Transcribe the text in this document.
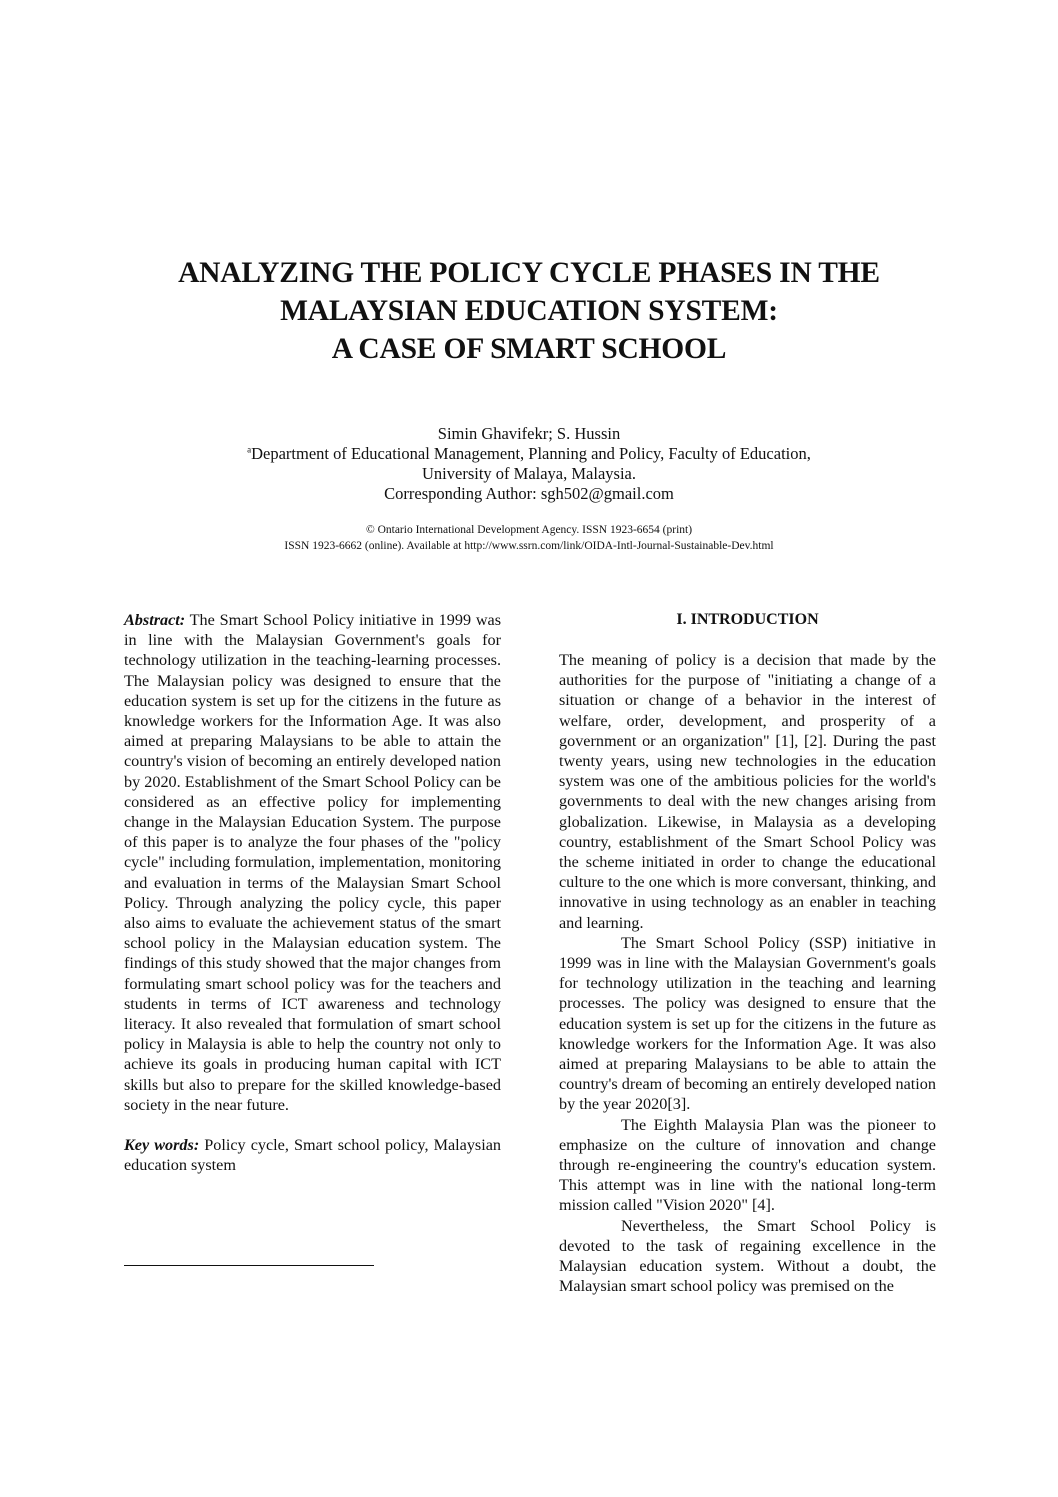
ANALYZING THE POLICY CYCLE PHASES IN THE
MALAYSIAN EDUCATION SYSTEM:
A CASE OF SMART SCHOOL
Simin Ghavifekr; S. Hussin
$^a$Department of Educational Management, Planning and Policy, Faculty of Education,
University of Malaya, Malaysia.
Corresponding Author: sgh502@gmail.com
© Ontario International Development Agency. ISSN 1923-6654 (print)
ISSN 1923-6662 (online). Available at http://www.ssrn.com/link/OIDA-Intl-Journal-Sustainable-Dev.html

Abstract: The Smart School Policy initiative in 1999 was in line with the Malaysian Government's goals for technology utilization in the teaching-learning processes. The Malaysian policy was designed to ensure that the education system is set up for the citizens in the future as knowledge workers for the Information Age. It was also aimed at preparing Malaysians to be able to attain the country's vision of becoming an entirely developed nation by 2020. Establishment of the Smart School Policy can be considered as an effective policy for implementing change in the Malaysian Education System. The purpose of this paper is to analyze the four phases of the "policy cycle" including formulation, implementation, monitoring and evaluation in terms of the Malaysian Smart School Policy. Through analyzing the policy cycle, this paper also aims to evaluate the achievement status of the smart school policy in the Malaysian education system. The findings of this study showed that the major changes from formulating smart school policy was for the teachers and students in terms of ICT awareness and technology literacy. It also revealed that formulation of smart school policy in Malaysia is able to help the country not only to achieve its goals in producing human capital with ICT skills but also to prepare for the skilled knowledge-based society in the near future.

Key words: Policy cycle, Smart school policy, Malaysian education system

I. INTRODUCTION

The meaning of policy is a decision that made by the authorities for the purpose of "initiating a change of a situation or change of a behavior in the interest of welfare, order, development, and prosperity of a government or an organization" [1], [2]. During the past twenty years, using new technologies in the education system was one of the ambitious policies for the world's governments to deal with the new changes arising from globalization. Likewise, in Malaysia as a developing country, establishment of the Smart School Policy was the scheme initiated in order to change the educational culture to the one which is more conversant, thinking, and innovative in using technology as an enabler in teaching and learning.

The Smart School Policy (SSP) initiative in 1999 was in line with the Malaysian Government's goals for technology utilization in the teaching and learning processes. The policy was designed to ensure that the education system is set up for the citizens in the future as knowledge workers for the Information Age. It was also aimed at preparing Malaysians to be able to attain the country's dream of becoming an entirely developed nation by the year 2020[3].

The Eighth Malaysia Plan was the pioneer to emphasize on the culture of innovation and change through re-engineering the country's education system. This attempt was in line with the national long-term mission called "Vision 2020" [4].

Nevertheless, the Smart School Policy is devoted to the task of regaining excellence in the Malaysian education system. Without a doubt, the Malaysian smart school policy was premised on the
